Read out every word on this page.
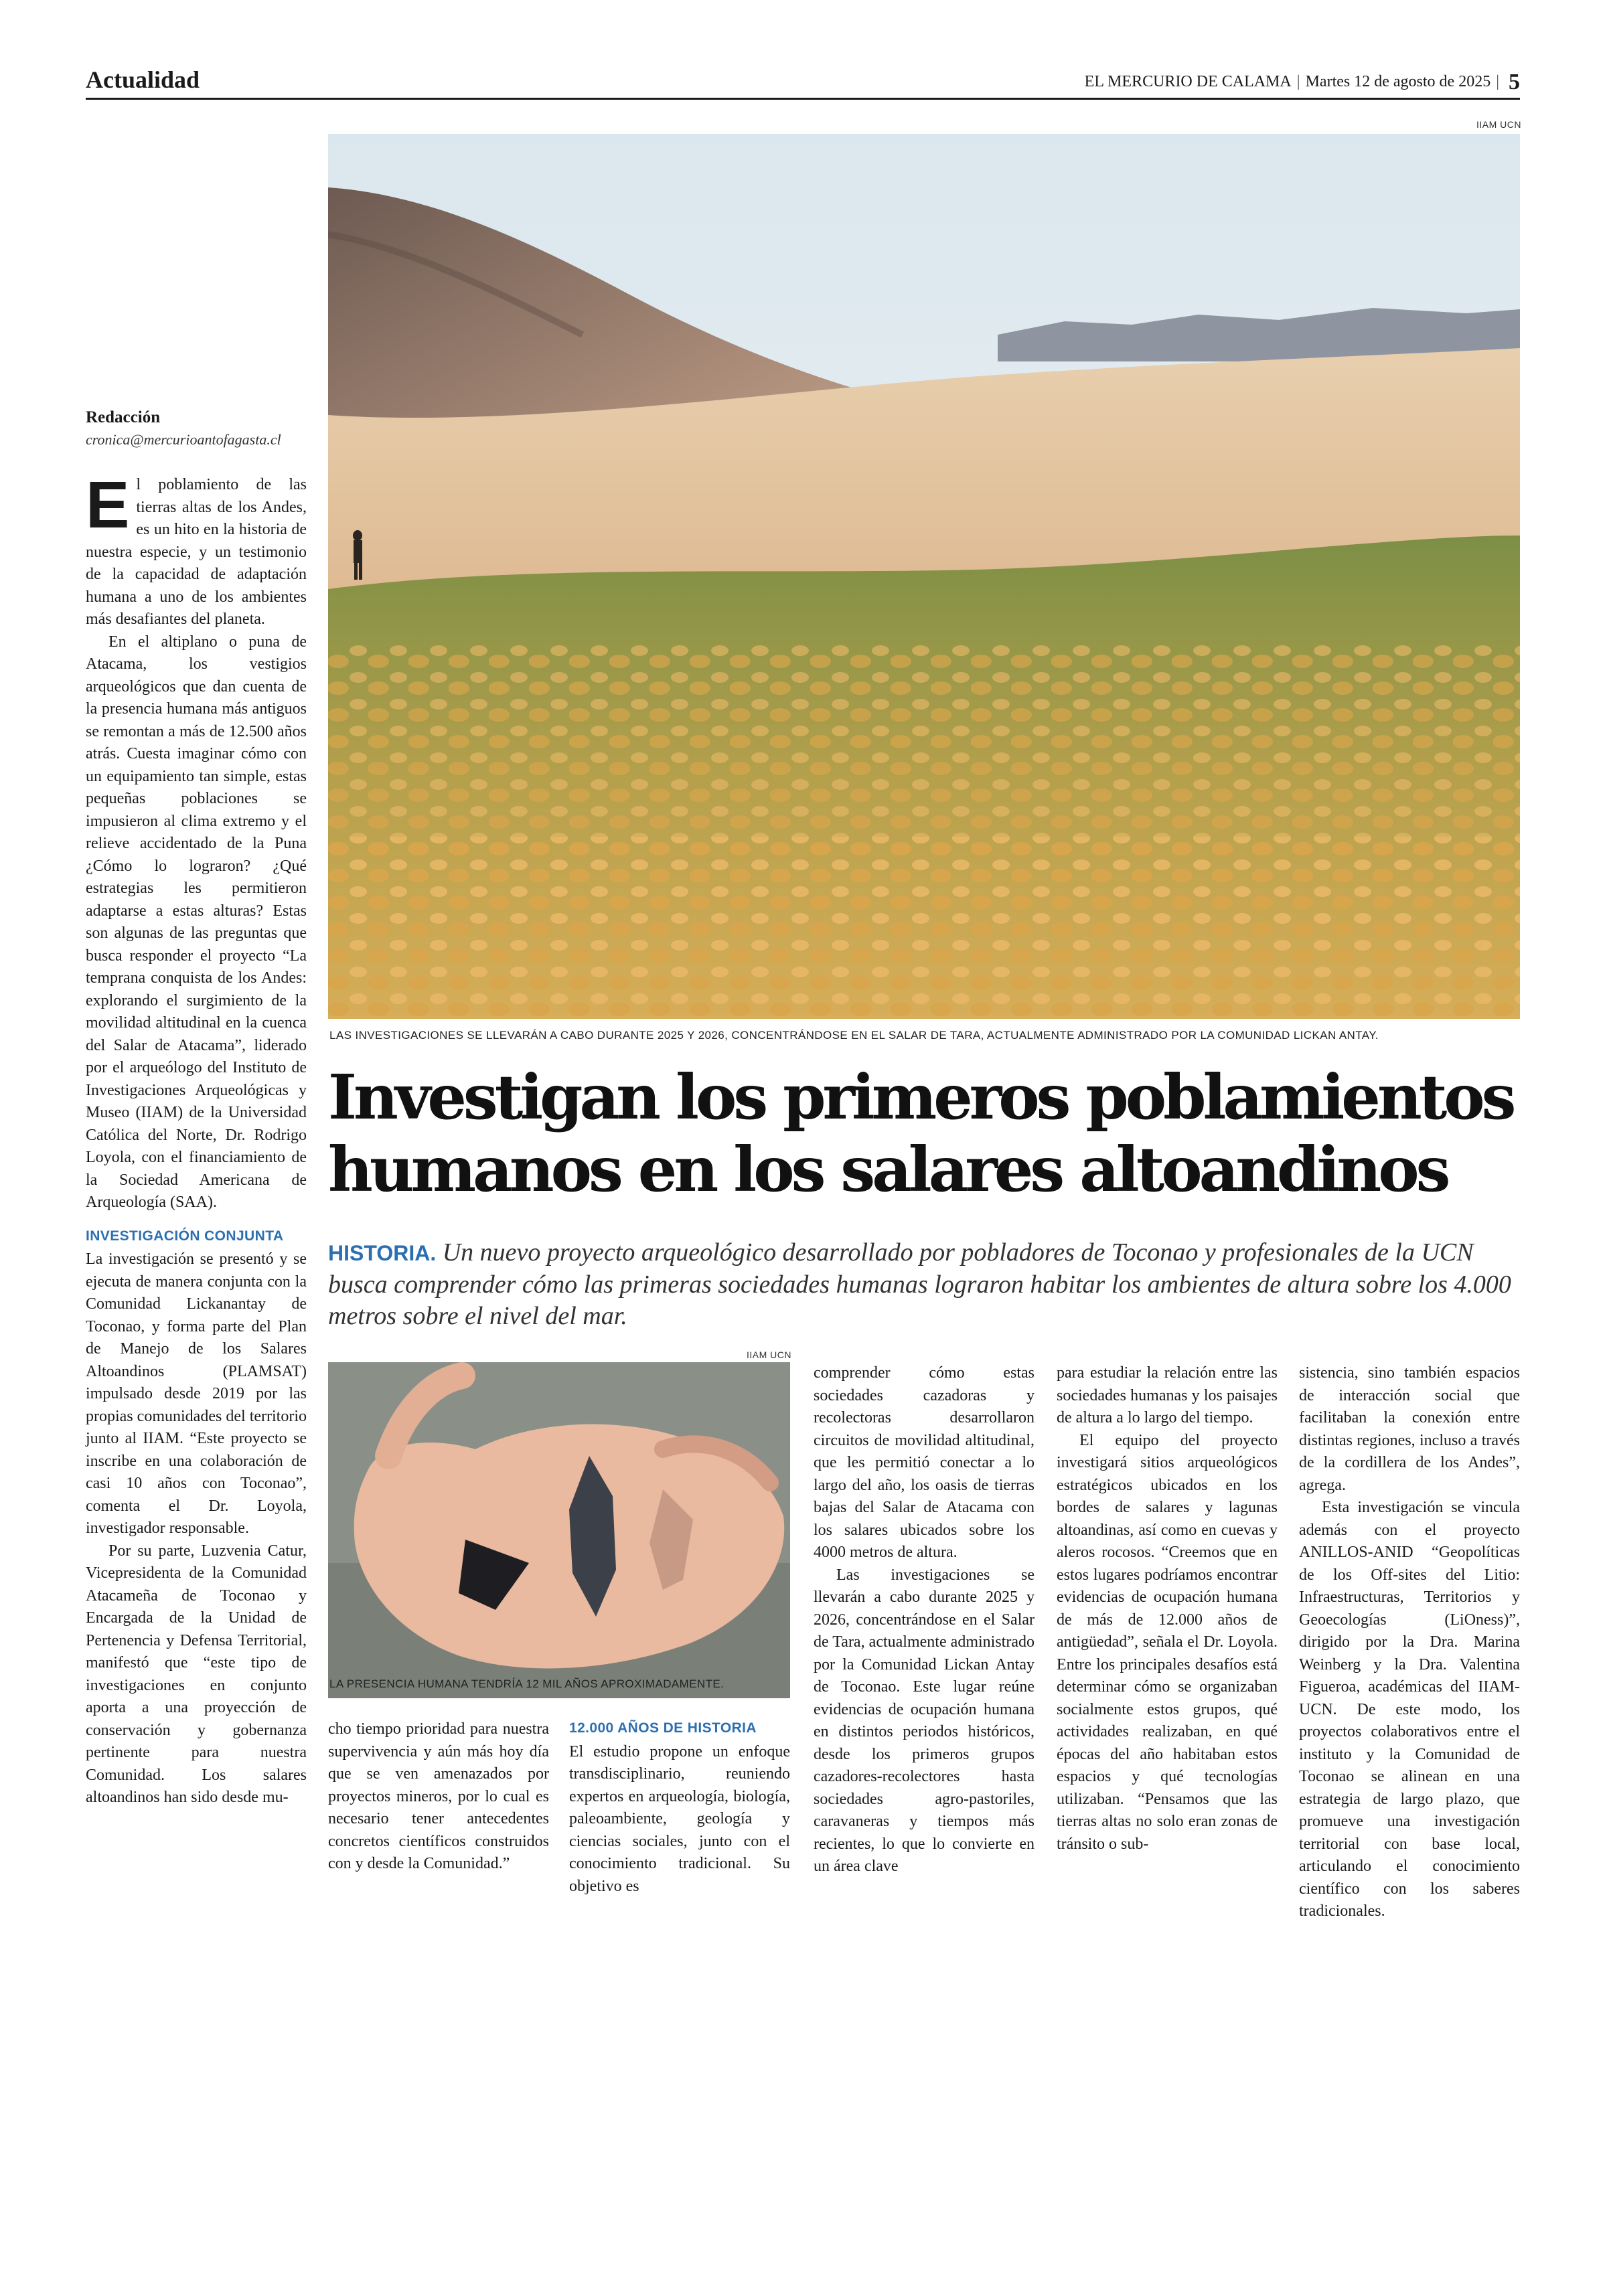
Actualidad	EL MERCURIO DE CALAMA | Martes 12 de agosto de 2025 | 5
IIAM UCN
LAS INVESTIGACIONES SE LLEVARÁN A CABO DURANTE 2025 Y 2026, CONCENTRÁNDOSE EN EL SALAR DE TARA, ACTUALMENTE ADMINISTRADO POR LA COMUNIDAD LICKAN ANTAY.
Redacción
cronica@mercurioantofagasta.cl

El poblamiento de las tierras altas de los Andes, es un hito en la historia de nuestra especie, y un testimonio de la capacidad de adaptación humana a uno de los ambientes más desafiantes del planeta.

En el altiplano o puna de Atacama, los vestigios arqueológicos que dan cuenta de la presencia humana más antiguos se remontan a más de 12.500 años atrás. Cuesta imaginar cómo con un equipamiento tan simple, estas pequeñas poblaciones se impusieron al clima extremo y el relieve accidentado de la Puna ¿Cómo lo lograron? ¿Qué estrategias les permitieron adaptarse a estas alturas? Estas son algunas de las preguntas que busca responder el proyecto “La temprana conquista de los Andes: explorando el surgimiento de la movilidad altitudinal en la cuenca del Salar de Atacama”, liderado por el arqueólogo del Instituto de Investigaciones Arqueológicas y Museo (IIAM) de la Universidad Católica del Norte, Dr. Rodrigo Loyola, con el financiamiento de la Sociedad Americana de Arqueología (SAA).

INVESTIGACIÓN CONJUNTA

La investigación se presentó y se ejecuta de manera conjunta con la Comunidad Lickanantay de Toconao, y forma parte del Plan de Manejo de los Salares Altoandinos (PLAMSAT) impulsado desde 2019 por las propias comunidades del territorio junto al IIAM. “Este proyecto se inscribe en una colaboración de casi 10 años con Toconao”, comenta el Dr. Loyola, investigador responsable.

Por su parte, Luzvenia Catur, Vicepresidenta de la Comunidad Atacameña de Toconao y Encargada de la Unidad de Pertenencia y Defensa Territorial, manifestó que “este tipo de investigaciones en conjunto aporta a una proyección de conservación y gobernanza pertinente para nuestra Comunidad. Los salares altoandinos han sido desde mu-

Investigan los primeros poblamientos
humanos en los salares altoandinos
HISTORIA. Un nuevo proyecto arqueológico desarrollado por pobladores de Toconao y profesionales de la UCN busca comprender cómo las primeras sociedades humanas lograron habitar los ambientes de altura sobre los 4.000 metros sobre el nivel del mar.
IIAM UCN
LA PRESENCIA HUMANA TENDRÍA 12 MIL AÑOS APROXIMADAMENTE.

cho tiempo prioridad para nuestra supervivencia y aún más hoy día que se ven amenazados por proyectos mineros, por lo cual es necesario tener antecedentes concretos científicos construidos con y desde la Comunidad.”

12.000 AÑOS DE HISTORIA

El estudio propone un enfoque transdisciplinario, reuniendo expertos en arqueología, biología, paleoambiente, geología y ciencias sociales, junto con el conocimiento tradicional. Su objetivo es

comprender cómo estas sociedades cazadoras y recolectoras desarrollaron circuitos de movilidad altitudinal, que les permitió conectar a lo largo del año, los oasis de tierras bajas del Salar de Atacama con los salares ubicados sobre los 4000 metros de altura.

Las investigaciones se llevarán a cabo durante 2025 y 2026, concentrándose en el Salar de Tara, actualmente administrado por la Comunidad Lickan Antay de Toconao. Este lugar reúne evidencias de ocupación humana en distintos periodos históricos, desde los primeros grupos cazadores-recolectores hasta sociedades agro-pastoriles, caravaneras y tiempos más recientes, lo que lo convierte en un área clave

para estudiar la relación entre las sociedades humanas y los paisajes de altura a lo largo del tiempo.

El equipo del proyecto investigará sitios arqueológicos estratégicos ubicados en los bordes de salares y lagunas altoandinas, así como en cuevas y aleros rocosos. “Creemos que en estos lugares podríamos encontrar evidencias de ocupación humana de más de 12.000 años de antigüedad”, señala el Dr. Loyola. Entre los principales desafíos está determinar cómo se organizaban socialmente estos grupos, qué actividades realizaban, en qué épocas del año habitaban estos espacios y qué tecnologías utilizaban. “Pensamos que las tierras altas no solo eran zonas de tránsito o sub-

sistencia, sino también espacios de interacción social que facilitaban la conexión entre distintas regiones, incluso a través de la cordillera de los Andes”, agrega.

Esta investigación se vincula además con el proyecto ANILLOS-ANID “Geopolíticas de los Off-sites del Litio: Infraestructuras, Territorios y Geoecologías (LiOness)”, dirigido por la Dra. Marina Weinberg y la Dra. Valentina Figueroa, académicas del IIAM-UCN. De este modo, los proyectos colaborativos entre el instituto y la Comunidad de Toconao se alinean en una estrategia de largo plazo, que promueve una investigación territorial con base local, articulando el conocimiento científico con los saberes tradicionales.
